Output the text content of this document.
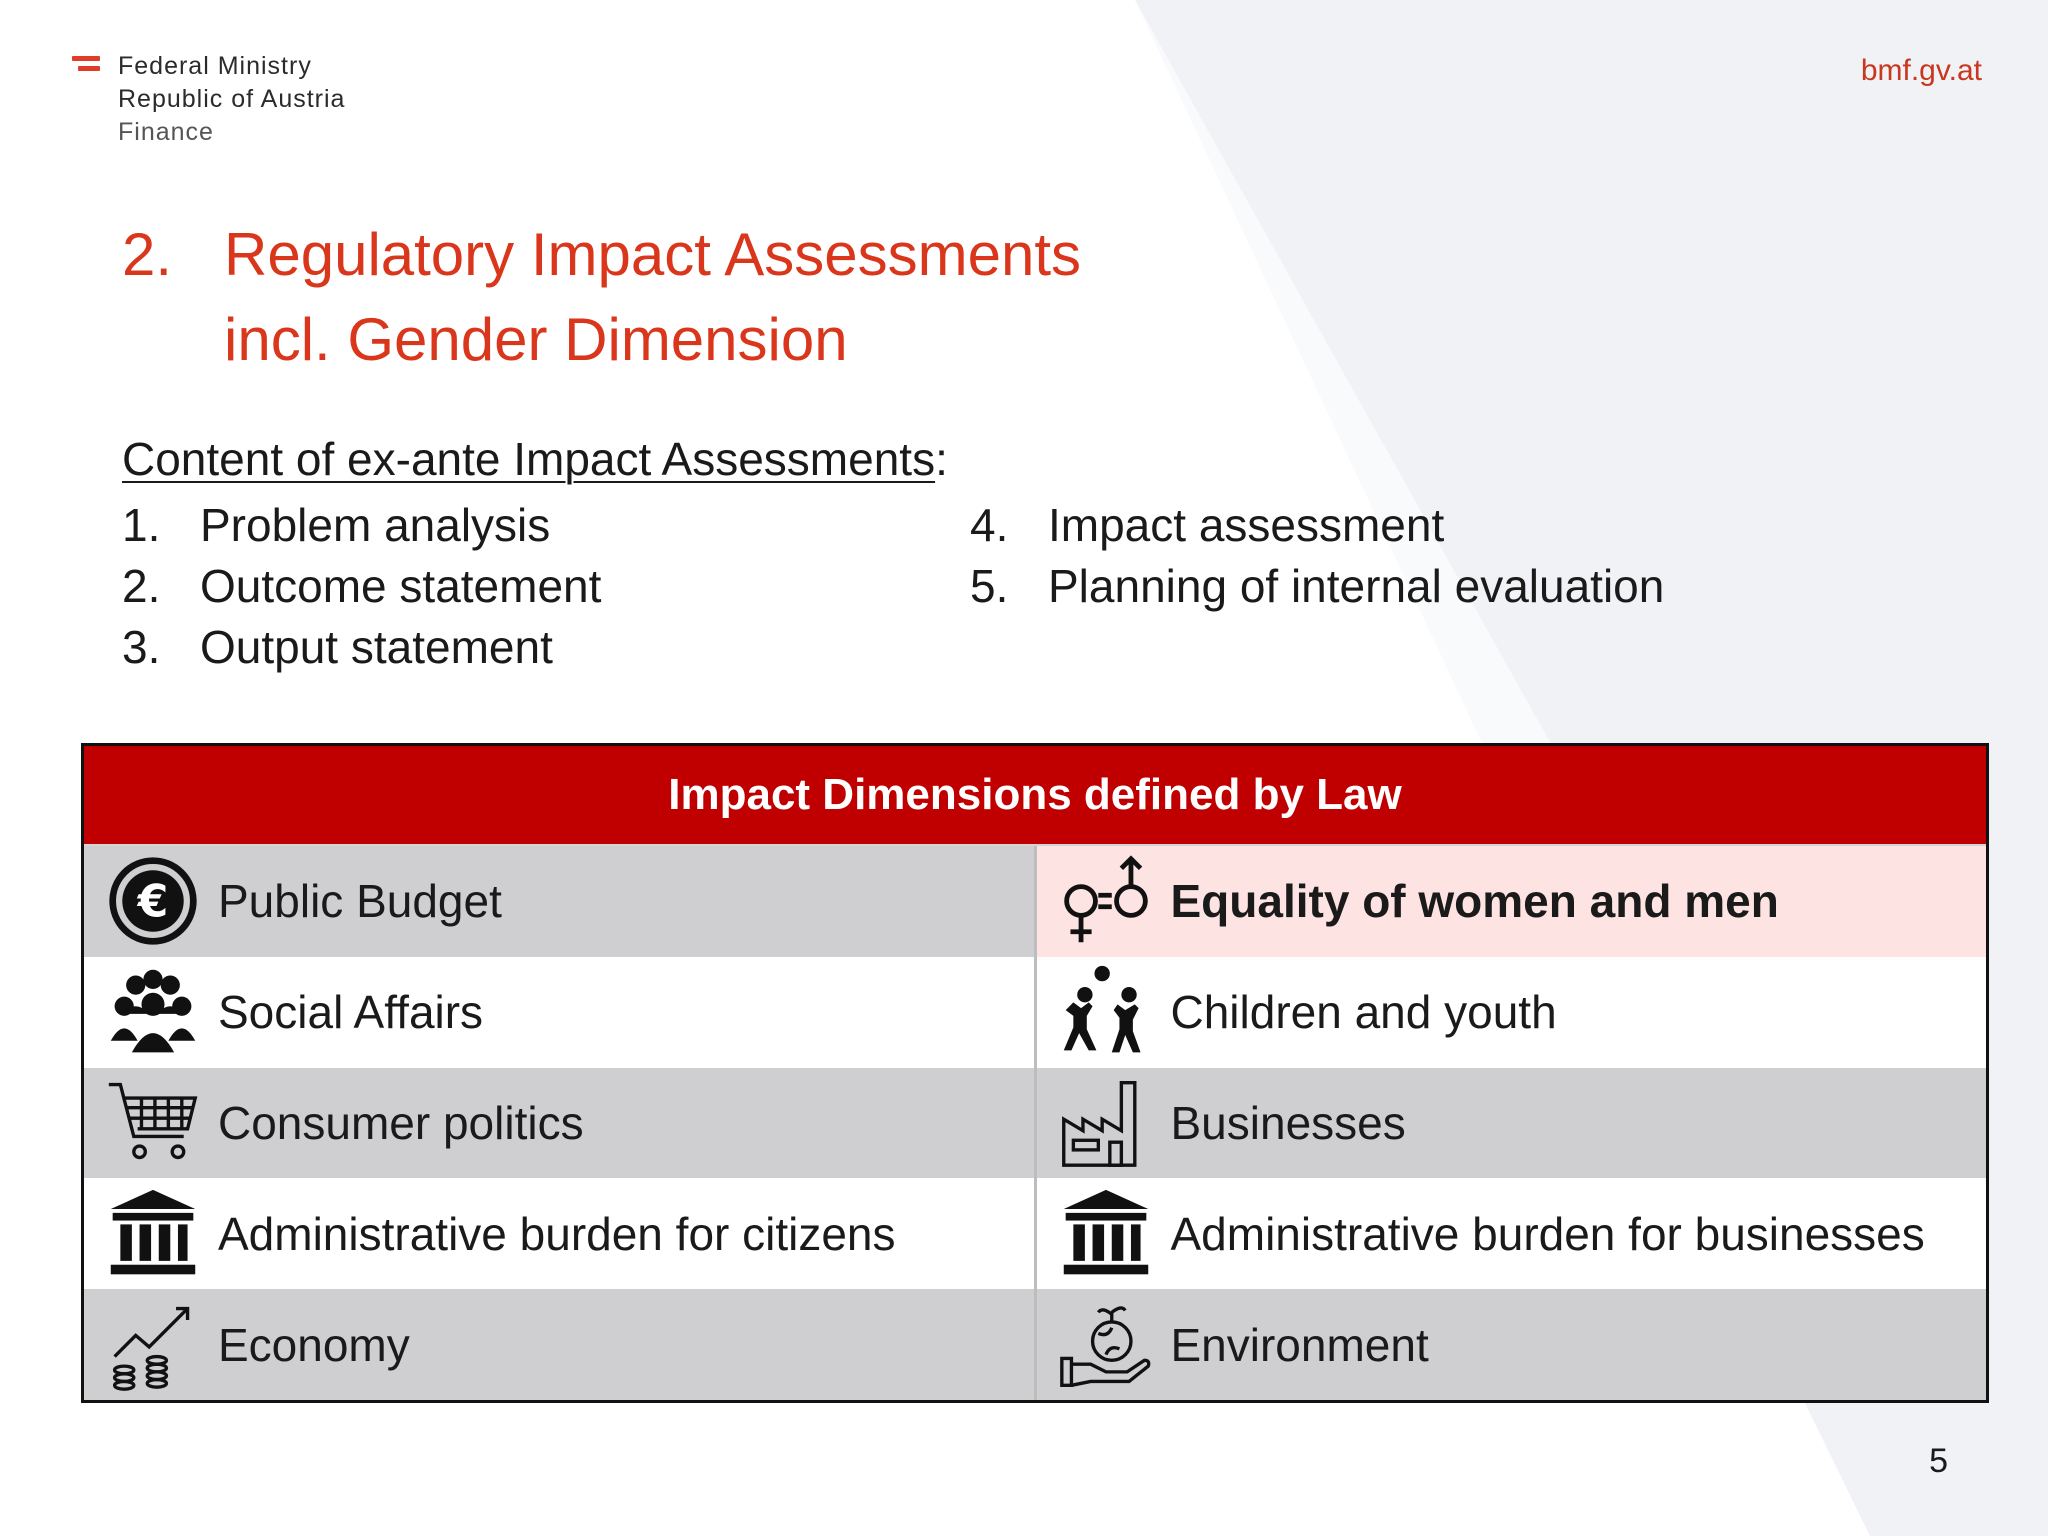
Federal Ministry
Republic of Austria
Finance
bmf.gv.at
2. Regulatory Impact Assessments
incl. Gender Dimension
Content of ex-ante Impact Assessments:
1. Problem analysis
2. Outcome statement
3. Output statement
4. Impact assessment
5. Planning of internal evaluation
Impact Dimensions defined by Law
€ Public Budget
Social Affairs
Consumer politics
Administrative burden for citizens
Economy
Equality of women and men
Children and youth
Businesses
Administrative burden for businesses
Environment
5
